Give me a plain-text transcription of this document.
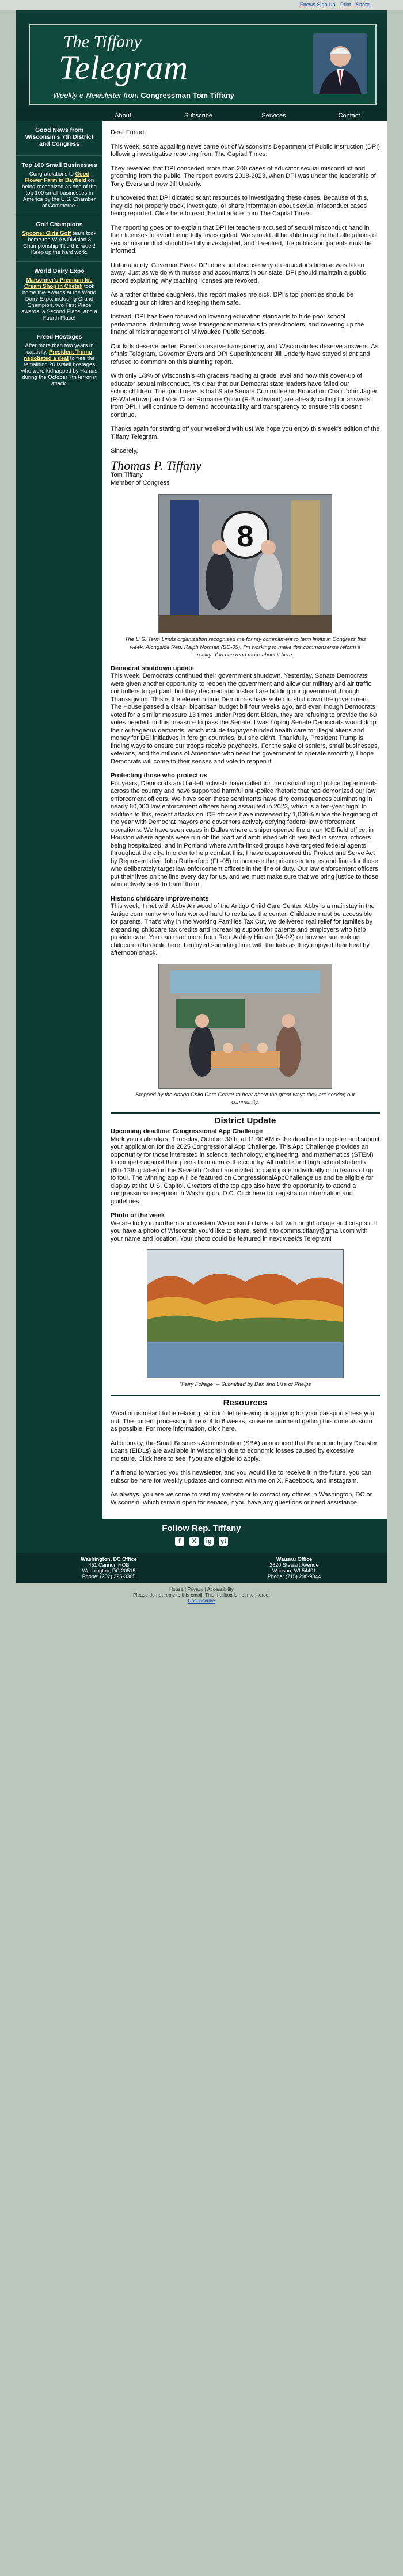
Enews Sign Up Print Share
The Tiffany
Telegram
Weekly e-Newsletter from Congressman Tom Tiffany
About	Subscribe	Services	Contact
Good News from Wisconsin's 7th District and Congress
Top 100 Small Businesses
Congratulations to Good Flower Farm in Bayfield on being recognized as one of the top 100 small businesses in America by the U.S. Chamber of Commerce.
Golf Champions
Spooner Girls Golf team took home the WIAA Division 3 Championship Title this week! Keep up the hard work.
World Dairy Expo
Marschner's Premium Ice Cream Shop in Chetek took home five awards at the World Dairy Expo, including Grand Champion, two First Place awards, a Second Place, and a Fourth Place!
Freed Hostages
After more than two years in captivity, President Trump negotiated a deal to free the remaining 20 Israeli hostages who were kidnapped by Hamas during the October 7th terrorist attack.

Dear Friend,

This week, some appalling news came out of Wisconsin's Department of Public Instruction (DPI) following investigative reporting from The Capital Times.

They revealed that DPI conceded more than 200 cases of educator sexual misconduct and grooming from the public. The report covers 2018-2023, when DPI was under the leadership of Tony Evers and now Jill Underly.

It uncovered that DPI dictated scant resources to investigating these cases. Because of this, they did not properly track, investigate, or share information about sexual misconduct cases being reported. Click here to read the full article from The Capital Times.

The reporting goes on to explain that DPI let teachers accused of sexual misconduct hand in their licenses to avoid being fully investigated. We should all be able to agree that allegations of sexual misconduct should be fully investigated, and if verified, the public and parents must be informed.

Unfortunately, Governor Evers' DPI does not disclose why an educator's license was taken away. Just as we do with nurses and accountants in our state, DPI should maintain a public record explaining why teaching licenses are revoked.

As a father of three daughters, this report makes me sick. DPI's top priorities should be educating our children and keeping them safe.

Instead, DPI has been focused on lowering education standards to hide poor school performance, distributing woke transgender materials to preschoolers, and covering up the financial mismanagement of Milwaukee Public Schools.

Our kids deserve better. Parents deserve transparency, and Wisconsinites deserve answers. As of this Telegram, Governor Evers and DPI Superintendent Jill Underly have stayed silent and refused to comment on this alarming report.

With only 1/3% of Wisconsin's 4th graders reading at grade level and now this cover-up of educator sexual misconduct, it's clear that our Democrat state leaders have failed our schoolchildren. The good news is that State Senate Committee on Education Chair John Jagler (R-Watertown) and Vice Chair Romaine Quinn (R-Birchwood) are already calling for answers from DPI. I will continue to demand accountability and transparency to ensure this doesn't continue.

Thanks again for starting off your weekend with us! We hope you enjoy this week's edition of the Tiffany Telegram.

Sincerely,

Thomas P. Tiffany
Tom Tiffany
Member of Congress
8
The U.S. Term Limits organization recognized me for my commitment to term limits in Congress this week. Alongside Rep. Ralph Norman (SC-05), I'm working to make this commonsense reform a reality. You can read more about it here.

Democrat shutdown update
This week, Democrats continued their government shutdown. Yesterday, Senate Democrats were given another opportunity to reopen the government and allow our military and air traffic controllers to get paid, but they declined and instead are holding our government through Thanksgiving. This is the eleventh time Democrats have voted to shut down the government. The House passed a clean, bipartisan budget bill four weeks ago, and even though Democrats voted for a similar measure 13 times under President Biden, they are refusing to provide the 60 votes needed for this measure to pass the Senate. I was hoping Senate Democrats would drop their outrageous demands, which include taxpayer-funded health care for illegal aliens and money for DEI initiatives in foreign countries, but she didn't. Thankfully, President Trump is finding ways to ensure our troops receive paychecks. For the sake of seniors, small businesses, veterans, and the millions of Americans who need the government to operate smoothly, I hope Democrats will come to their senses and vote to reopen it.

Protecting those who protect us
For years, Democrats and far-left activists have called for the dismantling of police departments across the country and have supported harmful anti-police rhetoric that has demonized our law enforcement officers. We have seen these sentiments have dire consequences culminating in nearly 80,000 law enforcement officers being assaulted in 2023, which is a ten-year high. In addition to this, recent attacks on ICE officers have increased by 1,000% since the beginning of the year with Democrat mayors and governors actively defying federal law enforcement operations. We have seen cases in Dallas where a sniper opened fire on an ICE field office, in Houston where agents were run off the road and ambushed which resulted in several officers being hospitalized, and in Portland where Antifa-linked groups have targeted federal agents throughout the city. In order to help combat this, I have cosponsored the Protect and Serve Act by Representative John Rutherford (FL-05) to increase the prison sentences and fines for those who deliberately target law enforcement officers in the line of duty. Our law enforcement officers put their lives on the line every day for us, and we must make sure that we bring justice to those who actively seek to harm them.

Historic childcare improvements
This week, I met with Abby Arnwood of the Antigo Child Care Center. Abby is a mainstay in the Antigo community who has worked hard to revitalize the center. Childcare must be accessible for parents. That's why in the Working Families Tax Cut, we delivered real relief for families by expanding childcare tax credits and increasing support for parents and employers who help provide care. You can read more from Rep. Ashley Hinson (IA-02) on how we are making childcare affordable here. I enjoyed spending time with the kids as they enjoyed their healthy afternoon snack.

Stopped by the Antigo Child Care Center to hear about the great ways they are serving our community.
District Update

Upcoming deadline: Congressional App Challenge
Mark your calendars: Thursday, October 30th, at 11:00 AM is the deadline to register and submit your application for the 2025 Congressional App Challenge. This App Challenge provides an opportunity for those interested in science, technology, engineering, and mathematics (STEM) to compete against their peers from across the country. All middle and high school students (6th-12th grades) in the Seventh District are invited to participate individually or in teams of up to four. The winning app will be featured on CongressionalAppChallenge.us and be eligible for display at the U.S. Capitol. Creators of the top app also have the opportunity to attend a congressional reception in Washington, D.C. Click here for registration information and guidelines.

Photo of the week
We are lucky in northern and western Wisconsin to have a fall with bright foliage and crisp air. If you have a photo of Wisconsin you'd like to share, send it to comms.tiffany@gmail.com with your name and location. Your photo could be featured in next week's Telegram!

"Fairy Foliage" – Submitted by Dan and Lisa of Phelps
Resources

Vacation is meant to be relaxing, so don't let renewing or applying for your passport stress you out. The current processing time is 4 to 6 weeks, so we recommend getting this done as soon as possible. For more information, click here.

Additionally, the Small Business Administration (SBA) announced that Economic Injury Disaster Loans (EIDLs) are available in Wisconsin due to economic losses caused by excessive moisture. Click here to see if you are eligible to apply.

If a friend forwarded you this newsletter, and you would like to receive it in the future, you can subscribe here for weekly updates and connect with me on X, Facebook, and Instagram.

As always, you are welcome to visit my website or to contact my offices in Washington, DC or Wisconsin, which remain open for service, if you have any questions or need assistance.

Follow Rep. Tiffany
f X ig yt
Washington, DC Office
451 Cannon HOB
Washington, DC 20515
Phone: (202) 225-3365
Wausau Office
2620 Stewart Avenue
Wausau, WI 54401
Phone: (715) 298-9344
House | Privacy | Accessibility
Please do not reply to this email. This mailbox is not monitored.
Unsubscribe
